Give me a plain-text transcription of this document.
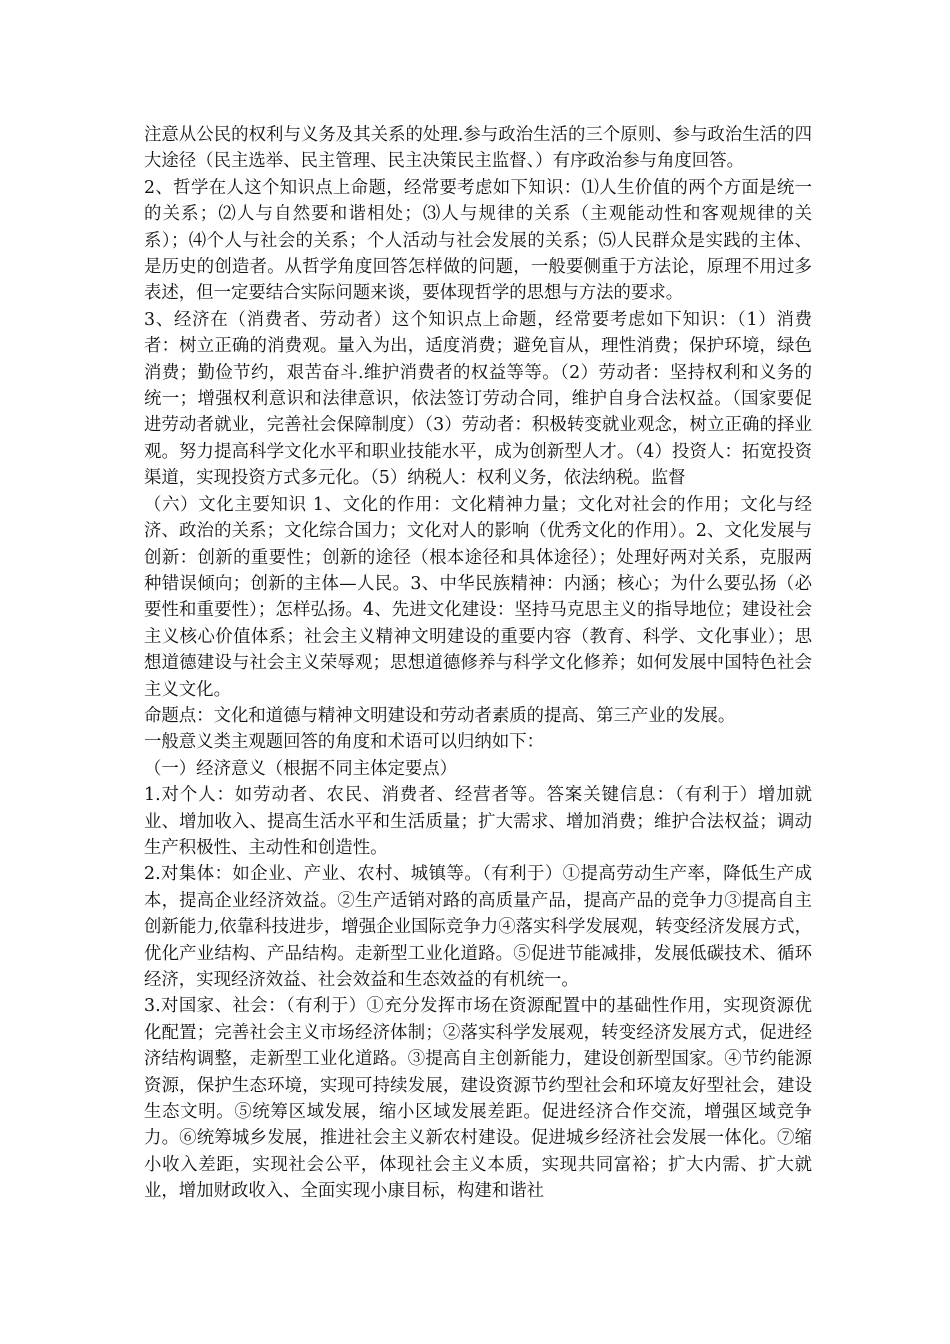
注意从公民的权利与义务及其关系的处理.参与政治生活的三个原则、参与政治生活的四大途径（民主选举、民主管理、民主决策民主监督、）有序政治参与角度回答。

2、哲学在人这个知识点上命题，经常要考虑如下知识：⑴人生价值的两个方面是统一的关系；⑵人与自然要和谐相处；⑶人与规律的关系（主观能动性和客观规律的关系）；⑷个人与社会的关系；个人活动与社会发展的关系；⑸人民群众是实践的主体、是历史的创造者。从哲学角度回答怎样做的问题，一般要侧重于方法论，原理不用过多表述，但一定要结合实际问题来谈，要体现哲学的思想与方法的要求。

3、经济在（消费者、劳动者）这个知识点上命题，经常要考虑如下知识：（1）消费者：树立正确的消费观。量入为出，适度消费；避免盲从，理性消费；保护环境，绿色消费；勤俭节约，艰苦奋斗.维护消费者的权益等等。（2）劳动者：坚持权利和义务的统一；增强权利意识和法律意识，依法签订劳动合同，维护自身合法权益。（国家要促进劳动者就业，完善社会保障制度）（3）劳动者：积极转变就业观念，树立正确的择业观。努力提高科学文化水平和职业技能水平，成为创新型人才。（4）投资人：拓宽投资渠道，实现投资方式多元化。（5）纳税人：权利义务，依法纳税。监督

（六）文化主要知识 1、文化的作用：文化精神力量；文化对社会的作用；文化与经济、政治的关系；文化综合国力；文化对人的影响（优秀文化的作用）。2、文化发展与创新：创新的重要性；创新的途径（根本途径和具体途径）；处理好两对关系，克服两种错误倾向；创新的主体—人民。3、中华民族精神：内涵；核心；为什么要弘扬（必要性和重要性）；怎样弘扬。4、先进文化建设：坚持马克思主义的指导地位；建设社会主义核心价值体系；社会主义精神文明建设的重要内容（教育、科学、文化事业）；思想道德建设与社会主义荣辱观；思想道德修养与科学文化修养；如何发展中国特色社会主义文化。

命题点：文化和道德与精神文明建设和劳动者素质的提高、第三产业的发展。

一般意义类主观题回答的角度和术语可以归纳如下：

（一）经济意义（根据不同主体定要点）

1.对个人：如劳动者、农民、消费者、经营者等。答案关键信息：（有利于）增加就业、增加收入、提高生活水平和生活质量；扩大需求、增加消费；维护合法权益；调动生产积极性、主动性和创造性。

2.对集体：如企业、产业、农村、城镇等。（有利于）①提高劳动生产率，降低生产成本，提高企业经济效益。②生产适销对路的高质量产品，提高产品的竞争力③提高自主创新能力,依靠科技进步，增强企业国际竞争力④落实科学发展观，转变经济发展方式，优化产业结构、产品结构。走新型工业化道路。⑤促进节能减排，发展低碳技术、循环经济，实现经济效益、社会效益和生态效益的有机统一。

3.对国家、社会：（有利于）①充分发挥市场在资源配置中的基础性作用，实现资源优化配置；完善社会主义市场经济体制；②落实科学发展观，转变经济发展方式，促进经济结构调整，走新型工业化道路。③提高自主创新能力，建设创新型国家。④节约能源资源，保护生态环境，实现可持续发展，建设资源节约型社会和环境友好型社会，建设生态文明。⑤统筹区域发展，缩小区域发展差距。促进经济合作交流，增强区域竞争力。⑥统筹城乡发展，推进社会主义新农村建设。促进城乡经济社会发展一体化。⑦缩小收入差距，实现社会公平，体现社会主义本质，实现共同富裕；扩大内需、扩大就业，增加财政收入、全面实现小康目标，构建和谐社
